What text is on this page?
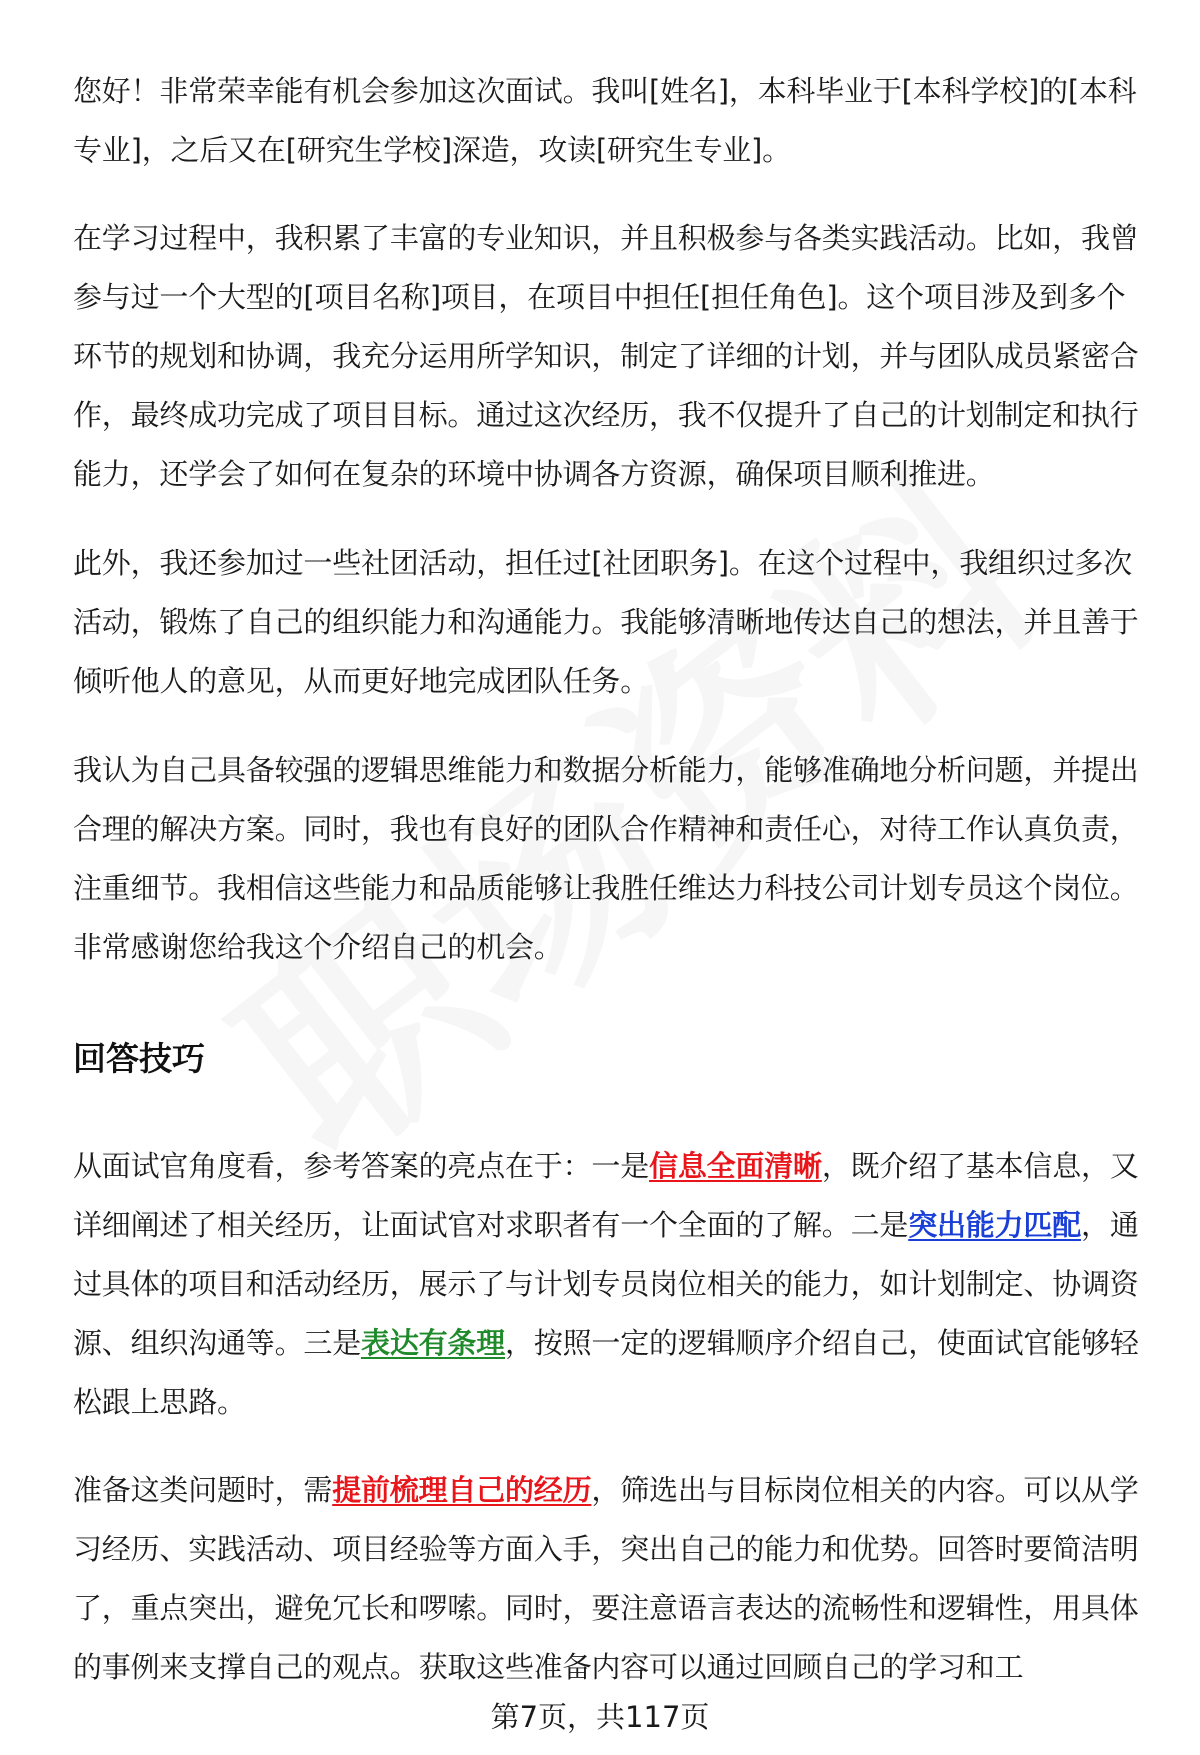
您好！非常荣幸能有机会参加这次面试。我叫[姓名]，本科毕业于[本科学校]的[本科专业]，之后又在[研究生学校]深造，攻读[研究生专业]。

在学习过程中，我积累了丰富的专业知识，并且积极参与各类实践活动。比如，我曾参与过一个大型的[项目名称]项目，在项目中担任[担任角色]。这个项目涉及到多个环节的规划和协调，我充分运用所学知识，制定了详细的计划，并与团队成员紧密合作，最终成功完成了项目目标。通过这次经历，我不仅提升了自己的计划制定和执行能力，还学会了如何在复杂的环境中协调各方资源，确保项目顺利推进。

此外，我还参加过一些社团活动，担任过[社团职务]。在这个过程中，我组织过多次活动，锻炼了自己的组织能力和沟通能力。我能够清晰地传达自己的想法，并且善于倾听他人的意见，从而更好地完成团队任务。

我认为自己具备较强的逻辑思维能力和数据分析能力，能够准确地分析问题，并提出合理的解决方案。同时，我也有良好的团队合作精神和责任心，对待工作认真负责，注重细节。我相信这些能力和品质能够让我胜任维达力科技公司计划专员这个岗位。非常感谢您给我这个介绍自己的机会。

回答技巧

从面试官角度看，参考答案的亮点在于：一是信息全面清晰，既介绍了基本信息，又详细阐述了相关经历，让面试官对求职者有一个全面的了解。二是突出能力匹配，通过具体的项目和活动经历，展示了与计划专员岗位相关的能力，如计划制定、协调资源、组织沟通等。三是表达有条理，按照一定的逻辑顺序介绍自己，使面试官能够轻松跟上思路。

准备这类问题时，需提前梳理自己的经历，筛选出与目标岗位相关的内容。可以从学习经历、实践活动、项目经验等方面入手，突出自己的能力和优势。回答时要简洁明了，重点突出，避免冗长和啰嗦。同时，要注意语言表达的流畅性和逻辑性，用具体的事例来支撑自己的观点。获取这些准备内容可以通过回顾自己的学习和工

第7页，共117页
